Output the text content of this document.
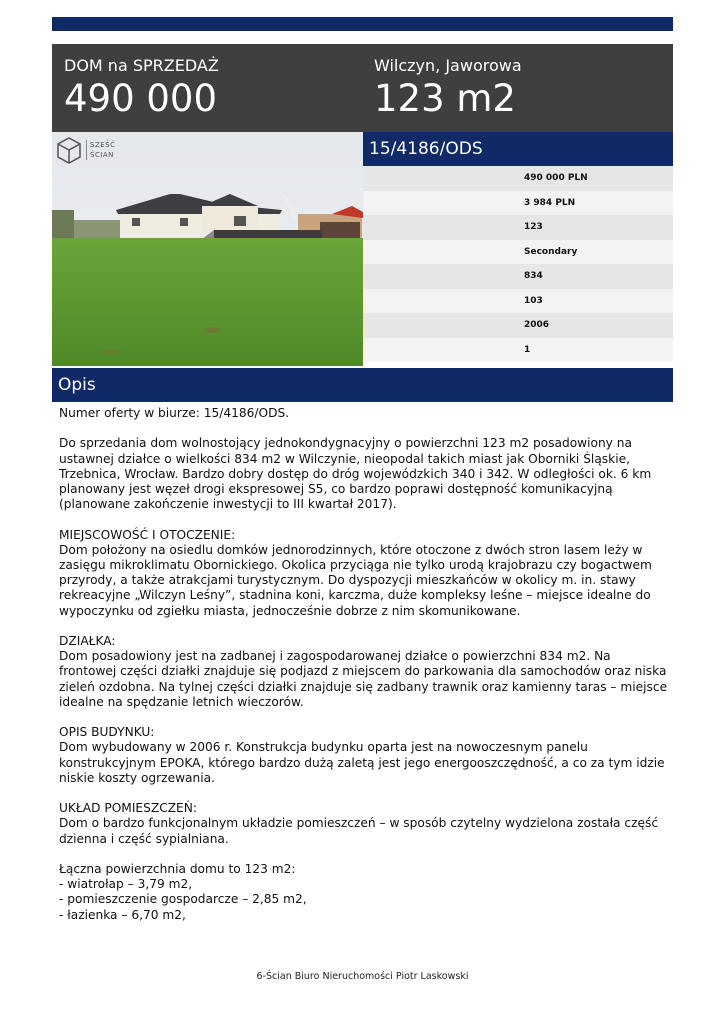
DOM na SPRZEDAŻ
490 000
Wilczyn, Jaworowa
123 m2
SZEŚĆ
ŚCIAN	15/4186/ODS
490 000 PLN
3 984 PLN
123
Secondary
834
103
2006
1
Opis

Numer oferty w biurze: 15/4186/ODS.

Do sprzedania dom wolnostojący jednokondygnacyjny o powierzchni 123 m2 posadowiony na

ustawnej działce o wielkości 834 m2 w Wilczynie, nieopodal takich miast jak Oborniki Śląskie,

Trzebnica, Wrocław. Bardzo dobry dostęp do dróg wojewódzkich 340 i 342. W odległości ok. 6 km

planowany jest węzeł drogi ekspresowej S5, co bardzo poprawi dostępność komunikacyjną

(planowane zakończenie inwestycji to III kwartał 2017).

MIEJSCOWOŚĆ I OTOCZENIE:

Dom położony na osiedlu domków jednorodzinnych, które otoczone z dwóch stron lasem leży w

zasięgu mikroklimatu Obornickiego. Okolica przyciąga nie tylko urodą krajobrazu czy bogactwem

przyrody, a także atrakcjami turystycznym. Do dyspozycji mieszkańców w okolicy m. in. stawy

rekreacyjne „Wilczyn Leśny”, stadnina koni, karczma, duże kompleksy leśne – miejsce idealne do

wypoczynku od zgiełku miasta, jednocześnie dobrze z nim skomunikowane.

DZIAŁKA:

Dom posadowiony jest na zadbanej i zagospodarowanej działce o powierzchni 834 m2. Na

frontowej części działki znajduje się podjazd z miejscem do parkowania dla samochodów oraz niska

zieleń ozdobna. Na tylnej części działki znajduje się zadbany trawnik oraz kamienny taras – miejsce

idealne na spędzanie letnich wieczorów.

OPIS BUDYNKU:

Dom wybudowany w 2006 r. Konstrukcja budynku oparta jest na nowoczesnym panelu

konstrukcyjnym EPOKA, którego bardzo dużą zaletą jest jego energooszczędność, a co za tym idzie

niskie koszty ogrzewania.

UKŁAD POMIESZCZEŃ:

Dom o bardzo funkcjonalnym układzie pomieszczeń – w sposób czytelny wydzielona została część

dzienna i część sypialniana.

Łączna powierzchnia domu to 123 m2:

- wiatrołap – 3,79 m2,

- pomieszczenie gospodarcze – 2,85 m2,

- łazienka – 6,70 m2,

6-Ścian Biuro Nieruchomości Piotr Laskowski
